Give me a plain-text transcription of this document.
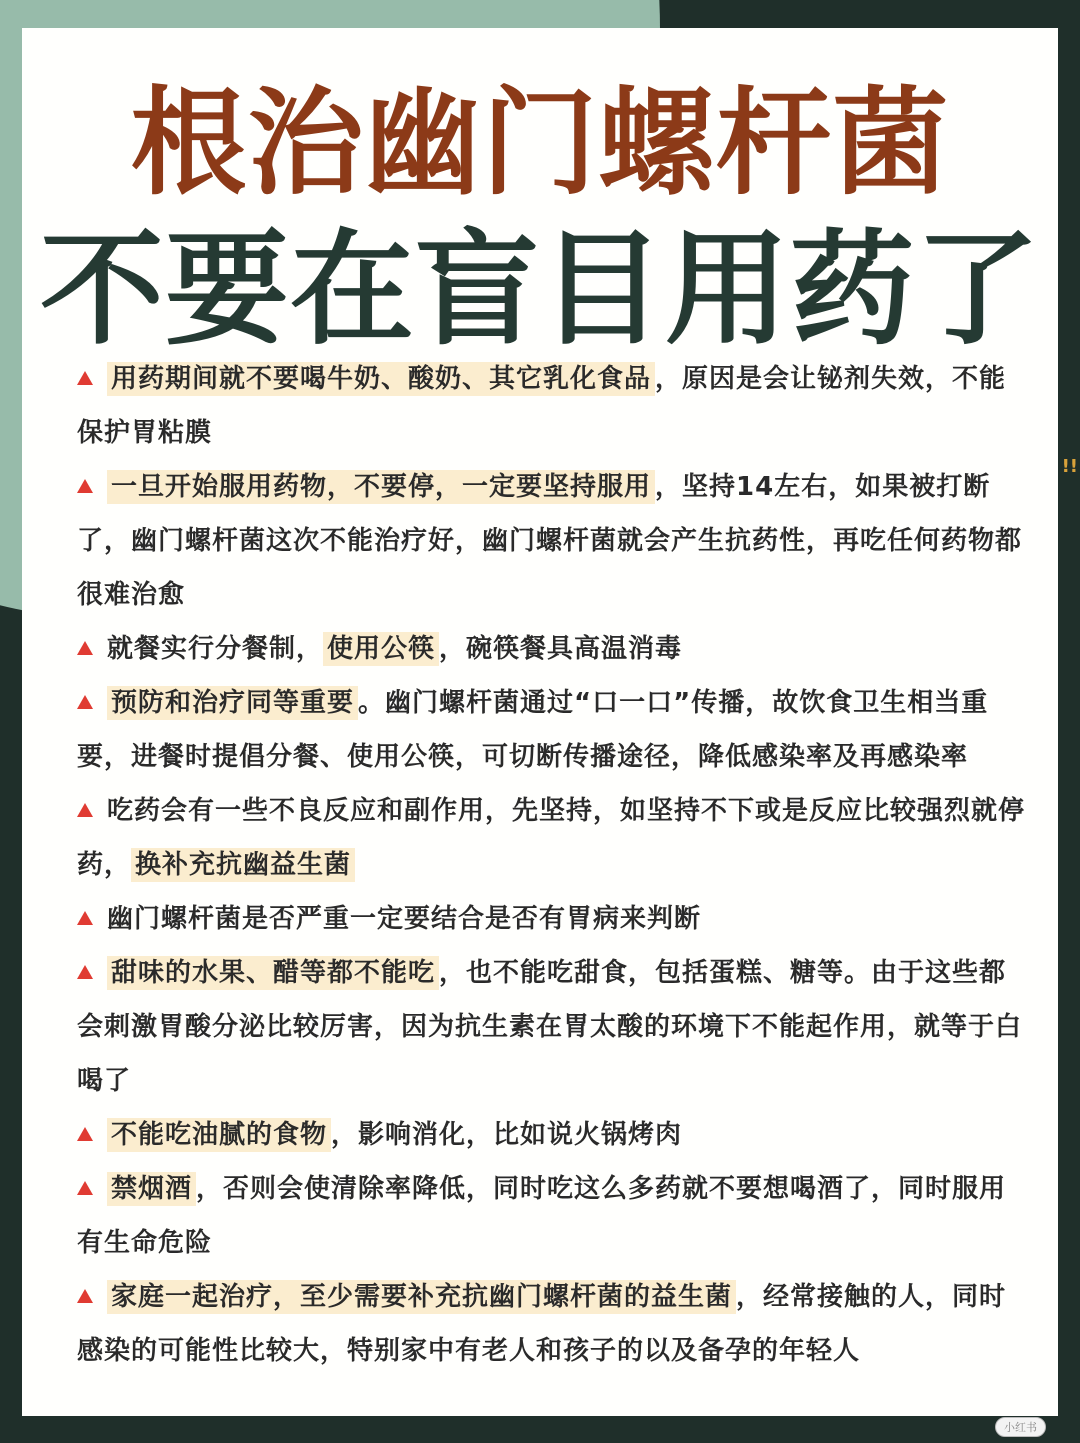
!!
根治幽门螺杆菌
不要在盲目用药了

用药期间就不要喝牛奶、酸奶、其它乳化食品 ，原因是会让铋剂失效，不能保护胃粘膜

一旦开始服用药物，不要停，一定要坚持服用 ，坚持14左右，如果被打断了，幽门螺杆菌这次不能治疗好，幽门螺杆菌就会产生抗药性，再吃任何药物都很难治愈

就餐实行分餐制， 使用公筷 ，碗筷餐具高温消毒

预防和治疗同等重要 。幽门螺杆菌通过“口一口”传播，故饮食卫生相当重要，进餐时提倡分餐、使用公筷，可切断传播途径，降低感染率及再感染率

吃药会有一些不良反应和副作用，先坚持，如坚持不下或是反应比较强烈就停药， 换补充抗幽益生菌

幽门螺杆菌是否严重一定要结合是否有胃病来判断

甜味的水果、醋等都不能吃 ，也不能吃甜食，包括蛋糕、糖等。由于这些都会刺激胃酸分泌比较厉害，因为抗生素在胃太酸的环境下不能起作用，就等于白喝了

不能吃油腻的食物 ，影响消化，比如说火锅烤肉

禁烟酒 ，否则会使清除率降低，同时吃这么多药就不要想喝酒了，同时服用有生命危险

家庭一起治疗，至少需要补充抗幽门螺杆菌的益生菌 ，经常接触的人，同时感染的可能性比较大，特别家中有老人和孩子的以及备孕的年轻人

小红书
